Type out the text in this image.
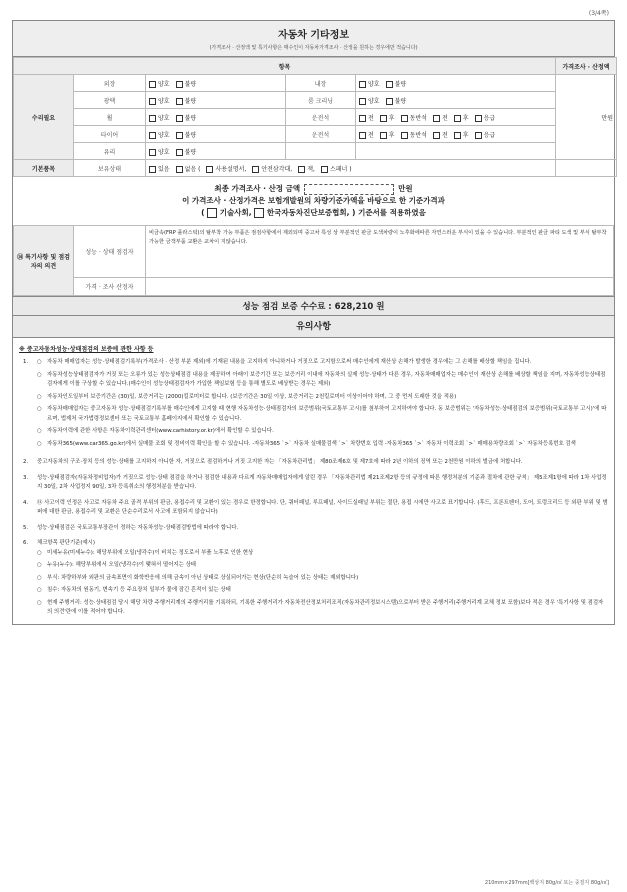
(3/4쪽)
자동차 기타정보
(가격조사 · 산정액 및 특기사항은 매수인이 자동차가격조사 · 산정을 원하는 경우에만 적습니다)
항목					가격조사 · 산정액
수리필요	외장	양호 불량	내장	양호 불량	만원
	광택	양호 불량	룸 크리닝	양호 불량	
	휠	양호 불량	운전석	전 후 동반석 전 후 응급	
	타이어	양호 불량	운전석	전 후 동반석 전 후 응급	
	유리	양호 불량			
기본품목	보유상태	있음 없음 ( 사용설명서, 안전삼각대, 잭, 스패너 )			
최종 가격조사 · 산정 금액	만원
이 가격조사 · 산정가격은 보험개발원의 차량기준가액을 바탕으로 한 기준가격과
(  기술사회, 한국자동차진단보증협회, ) 기준서를 적용하였음
⑭ 특기사항 및 점검자의 의견	성능 · 상태 점검자	비금속(FRP 플라스틱)의 탈부착 가능 부품은 점검사항에서 제외되며 중고차 특성 상 부분적인 판금 도색차량이 노후화에따른 자연스러운 부식이 있을 수 있습니다. 부분적인 판금 파티 도색 및 부식 탈부착 가능한 금객부품 교환은 교차이 지않습니다.
	가격 · 조사 산정자	
성능 점검 보증 수수료 : 628,210 원
유의사항
※ 중고자동차성능·상태점검의 보증에 관한 사항 등
1.	○ 자동차 매매업자는 성능·상태점검기록부(가격조사 · 산정 부분 제외)에 기재된 내용을 고지하지 아니하거나 거짓으로 고지함으로써 매수인에게 재산상 손해가 발생한 경우에는 그 손해를 배상할 책임을 집니다.
○ 자동차성능상태점검자가 거짓 또는 오류가 있는 성능상태점검 내용을 제공하여 아래이 보증기간 또는 보증거리 이내에 자동차의 실제 성능·상태가 다른 경우, 자동차매매업자는 매수인이 재산상 손해를 배상할 책임을 지며, 자동차성능상태점검자에게 이를 구상할 수 있습니다.(매수인이 성능상태점검자가 가입한 책임보험 등을 통해 별도로 배상받는 경우는 제외)
○ 자동차인도일부터 보증기간은 (30)일, 보증거리는 (2000)킬로미터로 합니다. (보증기간은 30일 이상, 보증거리는 2천킬로미터 이상이어야 하며, 그 중 먼저 도래한 것을 적용)
○ 자동차매매업자는 중고자동차 성능·상태점검기록부를 매수인에게 고지할 때 현행 자동차성능·상태점검자의 보증범위(국토교통부 고시)를 첨부하여 고지하여야 합니다. 동 보증범위는 '자동차성능·상태점검의 보증범위(국토교통부 고시)'에 따르며, 법제처 국가법령정보센터 또는 국토교통부 홈페이지에서 확인할 수 있습니다.
○ 자동차이력에 관한 사항은 자동차이력관리센터(www.carhistory.or.kr)에서 확인할 수 있습니다.
○ 자동차365(www.car365.go.kr)에서 실매물 조회 및 정비이력 확인을 할 수 있습니다. -자동차365 `>` 자동차 실매물검색 `>` 차량번호 입력 -자동차365 `>` 자동차 이력조회 `>` 매매용차량조회 `>` 자동차등록번호 검색
2.	중고자동차의 구조·장치 등의 성능·상태를 고지하지 아니한 자, 거짓으로 점검하거나 거짓 고지한 자는 「자동차관리법」 제80조제6호 및 제7호에 따라 2년 이하의 징역 또는 2천만원 이하의 벌금에 처합니다.
3.	성능·상태점검자(자동차정비업자)가 거짓으로 성능·상태 점검을 하거나 점검한 내용과 다르게 자동차매매업자에게 알린 경우 「자동차관리법 제21조제2항 등의 규정에 따른 행정처분의 기준과 절차에 관한 규칙」 제5조제1항에 따라 1차 사업정지 30일, 2차 사업정지 90일, 3차 등록취소의 행정처분을 받습니다.
4.	⑭ 사고이력 인정은 사고로 자동차 주요 골격 부위의 판금, 용접수리 및 교환이 있는 경우로 한정합니다. 단, 쿼터패널, 루프패널, 사이드실패널 부위는 절단, 용접 시에만 사고로 표기합니다. (후드, 프론트펜더, 도어, 트렁크리드 등 외판 부위 및 범퍼에 대한 판금, 용접수리 및 교환은 단순수리로서 사고에 포함되지 않습니다)
5.	성능·상태점검은 국토교통부장관이 정하는 자동차성능·상태점검방법에 따라야 합니다.
6.	체크항목 판단기준(예시)
○ 미세누유(미세누수): 해당부위에 오일(냉각수)이 비치는 정도로서 부품 노후로 인한 현상
○ 누유(누수): 해당부위에서 오일(냉각수)이 맺혀서 떨어지는 상태
○ 부식: 차량하부와 외판의 금속표면이 화학반응에 의해 금속이 아닌 상태로 상실되어가는 현상(단순히 녹슬어 있는 상태는 제외합니다)
○ 침수: 자동차의 원동기, 변속기 등 주요장치 일부가 물에 잠긴 흔적이 있는 상태
○ 현재 주행거리: 성능·상태점검 당시 해당 차량 주행거리계의 주행거리를 기록하되, 기록한 주행거리가 자동차전산정보처리조직(자동차관리정보시스템)으로부터 받은 주행거리(주행거리계 교체 정보 포함)보다 적은 경우 '특기사항 및 점검자의 의견'란에 이를 적어야 합니다.
210mm×297mm[백상지 80g/㎡ 또는 중질지 80g/㎡]
